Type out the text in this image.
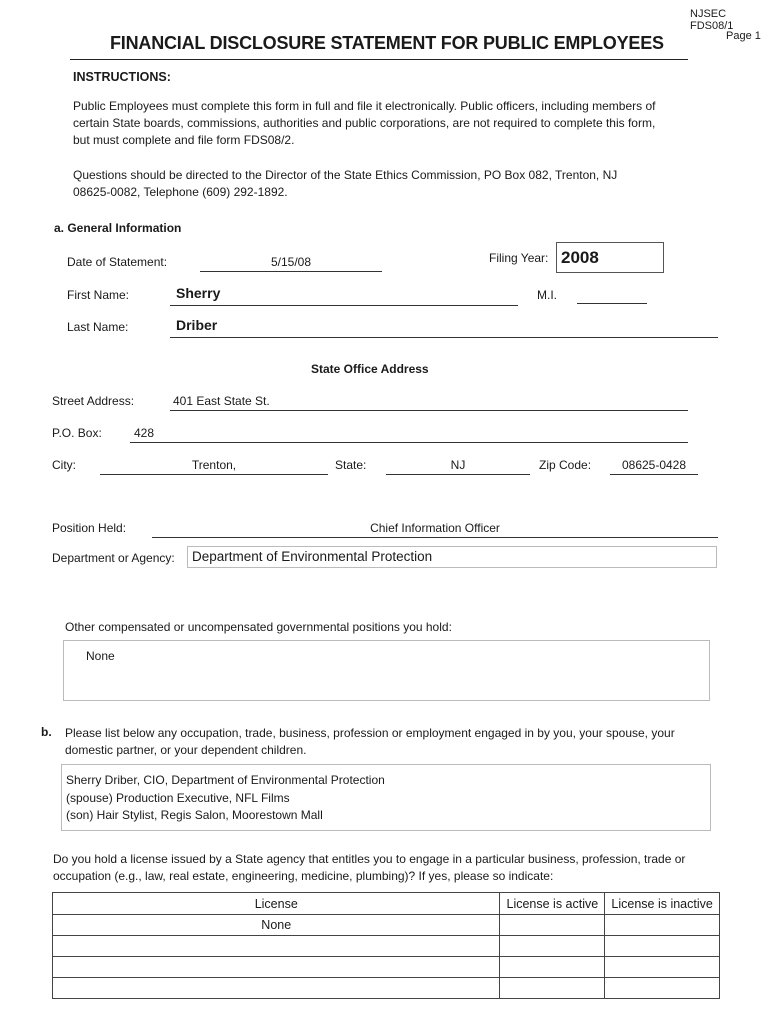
NJSEC FDS08/1
Page 1
FINANCIAL DISCLOSURE STATEMENT FOR PUBLIC EMPLOYEES
INSTRUCTIONS:
Public Employees must complete this form in full and file it electronically. Public officers, including members of
certain State boards, commissions, authorities and public corporations, are not required to complete this form,
but must complete and file form FDS08/2.
Questions should be directed to the Director of the State Ethics Commission, PO Box 082, Trenton, NJ
08625-0082, Telephone (609) 292-1892.
a. General Information
Date of Statement:	5/15/08	Filing Year: 2008
First Name:	Sherry	M.I.
Last Name:	Driber
State Office Address
Street Address:	401 East State St.
P.O. Box:	428
City:	Trenton,	State:	NJ	Zip Code:	08625-0428
Position Held:	Chief Information Officer
Department or Agency: Department of Environmental Protection
Other compensated or uncompensated governmental positions you hold:
None
b. Please list below any occupation, trade, business, profession or employment engaged in by you, your spouse, your
domestic partner, or your dependent children.
Sherry Driber, CIO, Department of Environmental Protection
(spouse) Production Executive, NFL Films
(son) Hair Stylist, Regis Salon, Moorestown Mall
Do you hold a license issued by a State agency that entitles you to engage in a particular business, profession, trade or
occupation (e.g., law, real estate, engineering, medicine, plumbing)? If yes, please so indicate:
License	License is active	License is inactive
None		
